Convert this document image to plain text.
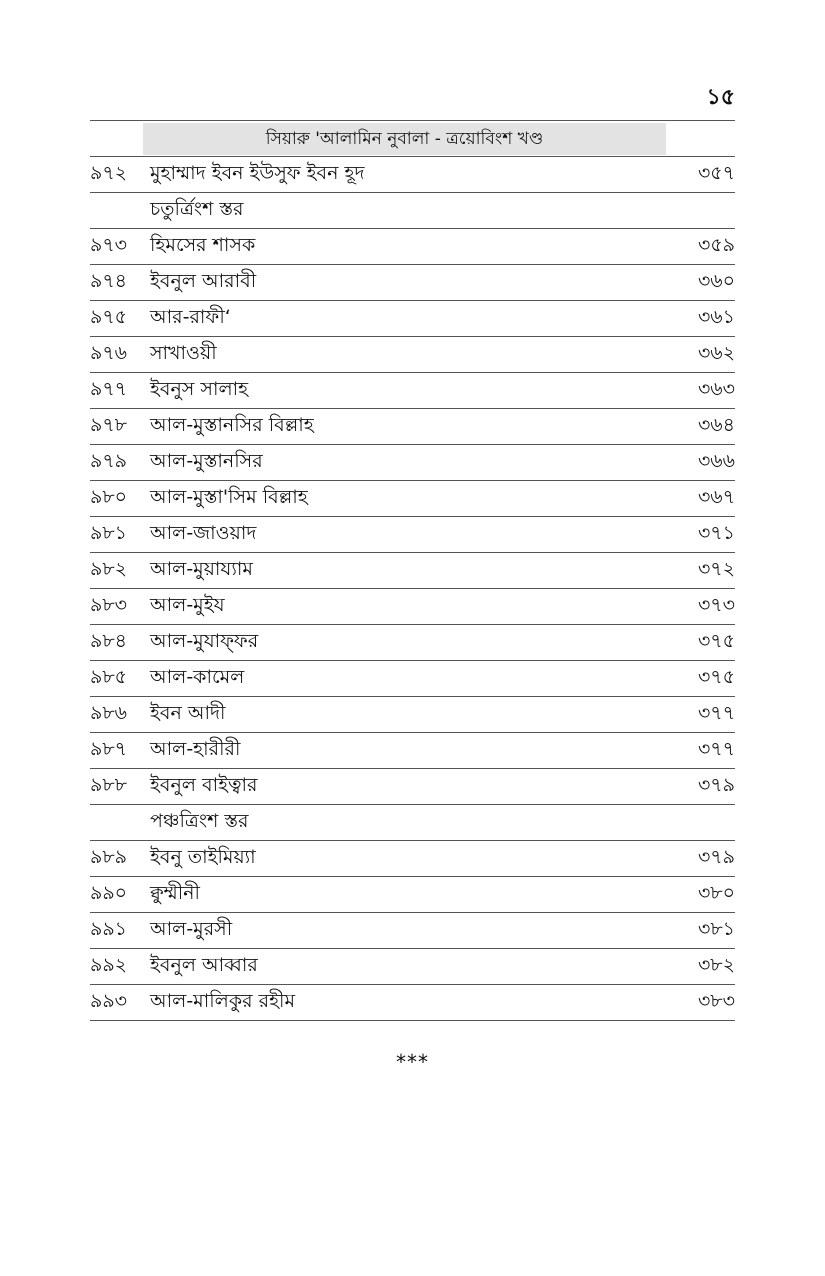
১৫
সিয়ারু 'আলামিন নুবালা - ত্রয়োবিংশ খণ্ড
৯৭২	মুহাম্মাদ ইবন ইউসুফ ইবন হূদ	৩৫৭
চতুর্ত্রিংশ স্তর
৯৭৩	হিমসের শাসক	৩৫৯
৯৭৪	ইবনুল আরাবী	৩৬০
৯৭৫	আর-রাফী‘	৩৬১
৯৭৬	সাখাওয়ী	৩৬২
৯৭৭	ইবনুস সালাহ	৩৬৩
৯৭৮	আল-মুস্তানসির বিল্লাহ	৩৬৪
৯৭৯	আল-মুস্তানসির	৩৬৬
৯৮০	আল-মুস্তা'সিম বিল্লাহ	৩৬৭
৯৮১	আল-জাওয়াদ	৩৭১
৯৮২	আল-মুয়ায্যাম	৩৭২
৯৮৩	আল-মুইয	৩৭৩
৯৮৪	আল-মুযাফ্ফর	৩৭৫
৯৮৫	আল-কামেল	৩৭৫
৯৮৬	ইবন আদী	৩৭৭
৯৮৭	আল-হারীরী	৩৭৭
৯৮৮	ইবনুল বাইত্বার	৩৭৯
পঞ্চত্রিংশ স্তর
৯৮৯	ইবনু তাইমিয়্যা	৩৭৯
৯৯০	ক্বুম্মীনী	৩৮০
৯৯১	আল-মুরসী	৩৮১
৯৯২	ইবনুল আব্বার	৩৮২
৯৯৩	আল-মালিকুর রহীম	৩৮৩
***
